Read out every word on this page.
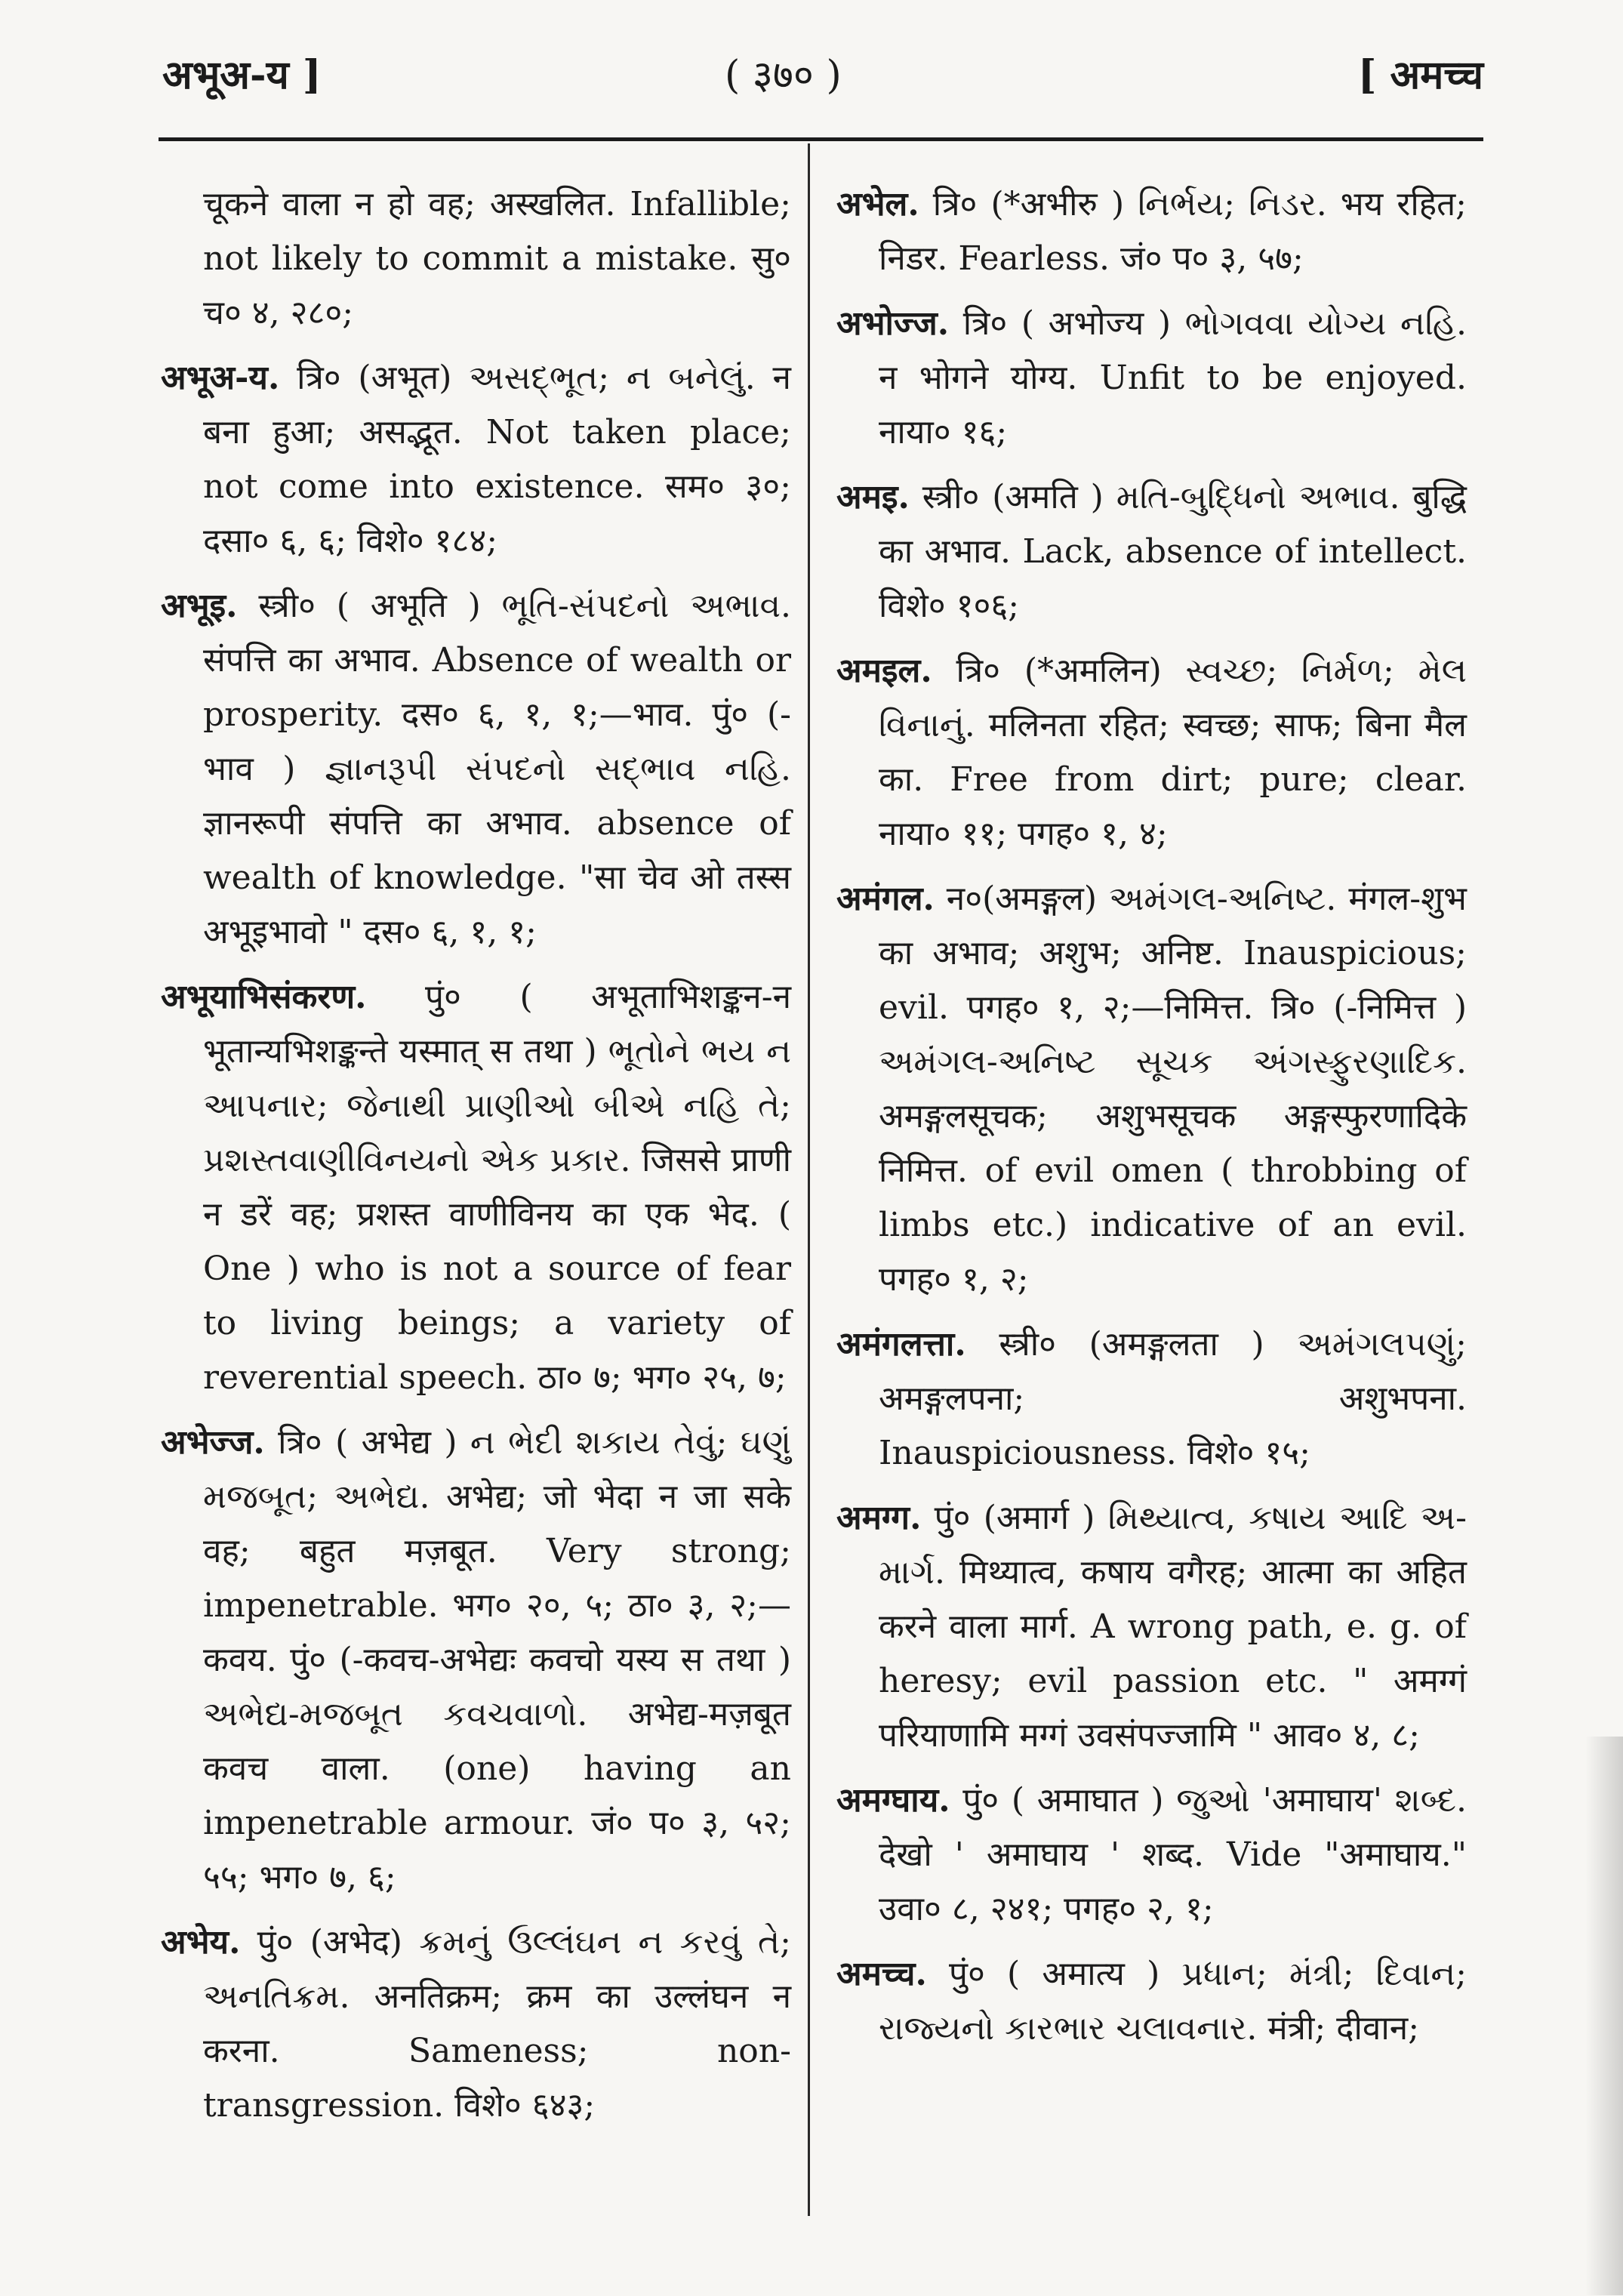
अभूअ-य ]	( ३७० )	[ अमच्च

चूकने वाला न हो वह; अस्खलित. Infallible; not likely to commit a mistake. सु० च० ४, २८०;

अभूअ-य. त्रि० (अभूत) અસદ્ભૂત; ન બનેલું. न बना हुआ; असद्भूत. Not taken place; not come into existence. सम० ३०; दसा० ६, ६; विशे० १८४;

अभूइ. स्त्री० ( अभूति ) ભૂતિ-સંપદનો અભાવ. संपत्ति का अभाव. Absence of wealth or prosperity. दस० ६, १, १;—भाव. पुं० (-भाव ) જ્ઞાનરૂપી સંપદનો સદ્ભાવ નહિ. ज्ञानरूपी संपत्ति का अभाव. absence of wealth of knowledge. "सा चेव ओ तस्स अभूइभावो " दस० ६, १, १;

अभूयाभिसंकरण. पुं० ( अभूताभिशङ्कन-न भूतान्यभिशङ्कन्ते यस्मात् स तथा ) ભૂતોને ભય ન આપનાર; જેનાથી પ્રાણીઓ બીએ નહિ તે; પ્રશસ્તવાણીવિનયનો એક પ્રકાર. जिससे प्राणी न डरें वह; प्रशस्त वाणीविनय का एक भेद. ( One ) who is not a source of fear to living beings; a variety of reverential speech. ठा० ७; भग० २५, ७;

अभेज्ज. त्रि० ( अभेद्य ) ન ભેદી શકાય તેવું; ઘણું મજબૂત; અભેદ્ય. अभेद्य; जो भेदा न जा सके वह; बहुत मज़बूत. Very strong; impenetrable. भग० २०, ५; ठा० ३, २;—कवय. पुं० (-कवच-अभेद्यः कवचो यस्य स तथा ) અભેદ્ય-મજબૂત કવચવાળો. अभेद्य-मज़बूत कवच वाला. (one) having an impenetrable armour. जं० प० ३, ५२; ५५; भग० ७, ६;

अभेय. पुं० (अभेद) ક્રમનું ઉલ્લંઘન ન કરવું તે; અનતિક્રમ. अनतिक्रम; क्रम का उल्लंघन न करना. Sameness; non-transgression. विशे० ६४३;

अभेल. त्रि० (*अभीरु ) નિર્ભય; નિડર. भय रहित; निडर. Fearless. जं० प० ३, ५७;

अभोज्ज. त्रि० ( अभोज्य ) ભોગવવા યોગ્ય નહિ. न भोगने योग्य. Unfit to be enjoyed. नाया० १६;

अमइ. स्त्री० (अमति ) મતિ-બુદ્ધિનો અભાવ. बुद्धि का अभाव. Lack, absence of intellect. विशे० १०६;

अमइल. त्रि० (*अमलिन) સ્વચ્છ; નિર્મળ; મેલ વિનાનું. मलिनता रहित; स्वच्छ; साफ; बिना मैल का. Free from dirt; pure; clear. नाया० ११; पगह० १, ४;

अमंगल. न०(अमङ्गल) અમંગલ-અનિષ્ટ. मंगल-शुभ का अभाव; अशुभ; अनिष्ट. Inauspicious; evil. पगह० १, २;—निमित्त. त्रि० (-निमित्त ) અમંગલ-અનિષ્ટ સૂચક અંગસ્ફુરણાદિક. अमङ्गलसूचक; अशुभसूचक अङ्गस्फुरणादिके निमित्त. of evil omen ( throbbing of limbs etc.) indicative of an evil. पगह० १, २;

अमंगलत्ता. स्त्री० (अमङ्गलता ) અમંગલપણું; अमङ्गलपना; अशुभपना. Inauspiciousness. विशे० १५;

अमग्ग. पुं० (अमार्ग ) મિથ્યાત્વ, કષાય આદિ અ-માર્ગ. मिथ्यात्व, कषाय वगैरह; आत्मा का अहित करने वाला मार्ग. A wrong path, e. g. of heresy; evil passion etc. " अमग्गं परियाणामि मग्गं उवसंपज्जामि " आव० ४, ८;

अमग्घाय. पुं० ( अमाघात ) જુઓ 'अमाघाय' શબ્દ. देखो ' अमाघाय ' शब्द. Vide "अमाघाय." उवा० ८, २४१; पगह० २, १;

अमच्च. पुं० ( अमात्य ) પ્રધાન; મંત્રી; દિવાન; રાજ્યનો કારભાર ચલાવનાર. मंत्री; दीवान;
